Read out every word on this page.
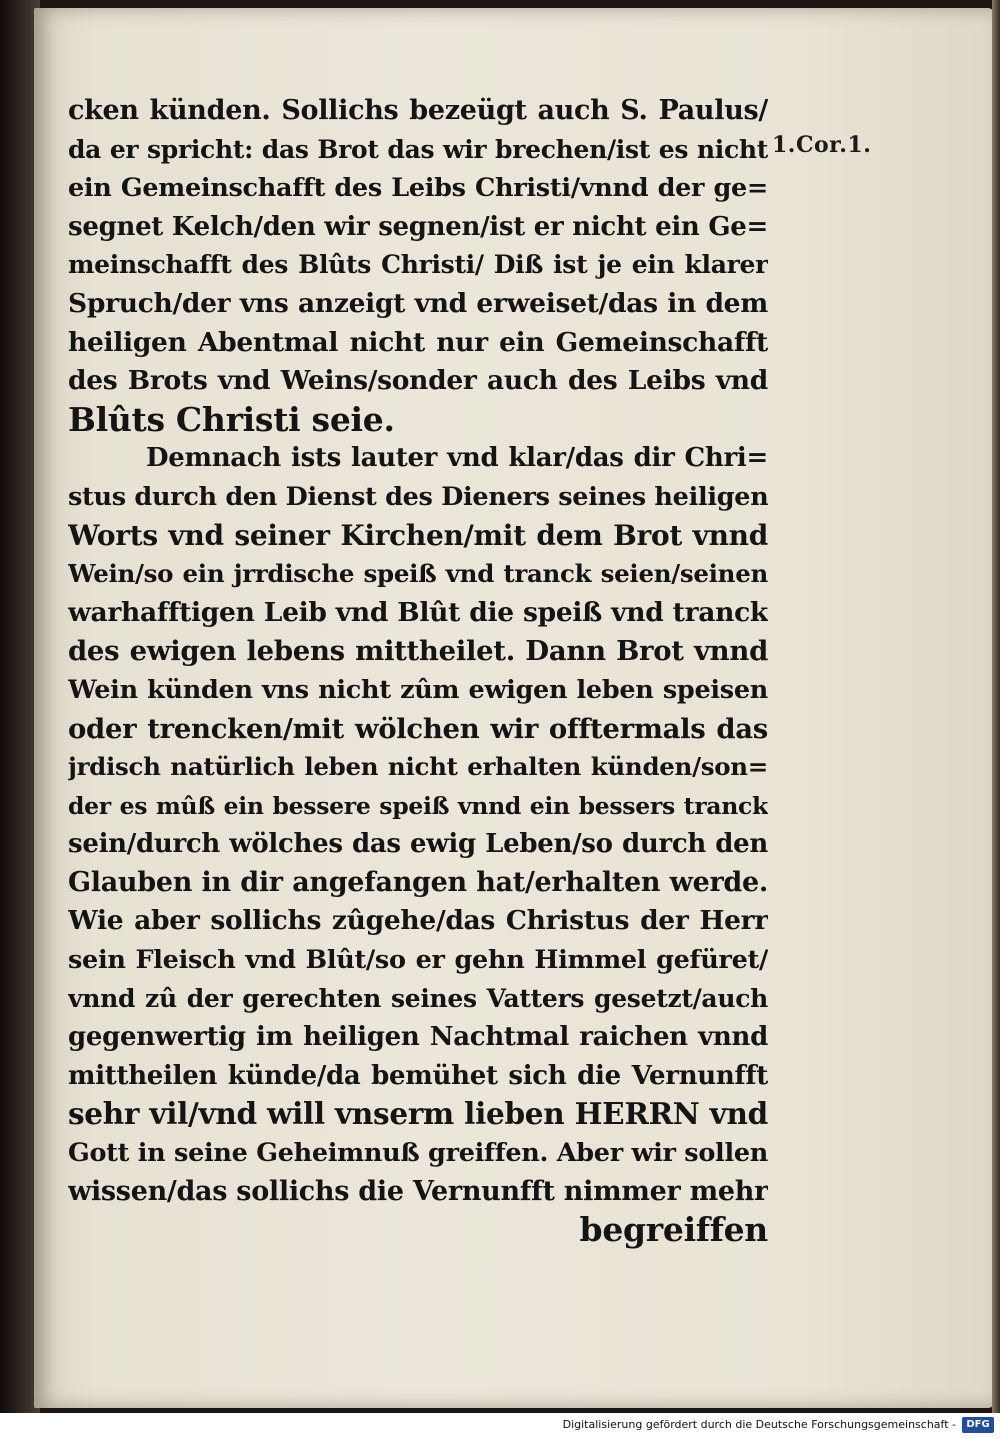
1.Cor.1.
cken künden. Sollichs bezeügt auch S. Paulus/
da er spricht: das Brot das wir brechen/ist es nicht
ein Gemeinschafft des Leibs Christi/vnnd der ge=
segnet Kelch/den wir segnen/ist er nicht ein Ge=
meinschafft des Blûts Christi/ Diß ist je ein klarer
Spruch/der vns anzeigt vnd erweiset/das in dem
heiligen Abentmal nicht nur ein Gemeinschafft
des Brots vnd Weins/sonder auch des Leibs vnd
Blûts Christi seie.
Demnach ists lauter vnd klar/das dir Chri=
stus durch den Dienst des Dieners seines heiligen
Worts vnd seiner Kirchen/mit dem Brot vnnd
Wein/so ein jrrdische speiß vnd tranck seien/seinen
warhafftigen Leib vnd Blût die speiß vnd tranck
des ewigen lebens mittheilet. Dann Brot vnnd
Wein künden vns nicht zûm ewigen leben speisen
oder trencken/mit wölchen wir offtermals das
jrdisch natürlich leben nicht erhalten künden/son=
der es mûß ein bessere speiß vnnd ein bessers tranck
sein/durch wölches das ewig Leben/so durch den
Glauben in dir angefangen hat/erhalten werde.
Wie aber sollichs zûgehe/das Christus der Herr
sein Fleisch vnd Blût/so er gehn Himmel gefüret/
vnnd zû der gerechten seines Vatters gesetzt/auch
gegenwertig im heiligen Nachtmal raichen vnnd
mittheilen künde/da bemühet sich die Vernunfft
sehr vil/vnd will vnserm lieben HERRN vnd
Gott in seine Geheimnuß greiffen. Aber wir sollen
wissen/das sollichs die Vernunfft nimmer mehr
begreiffen
Digitalisierung gefördert durch die Deutsche Forschungsgemeinschaft -	DFG
